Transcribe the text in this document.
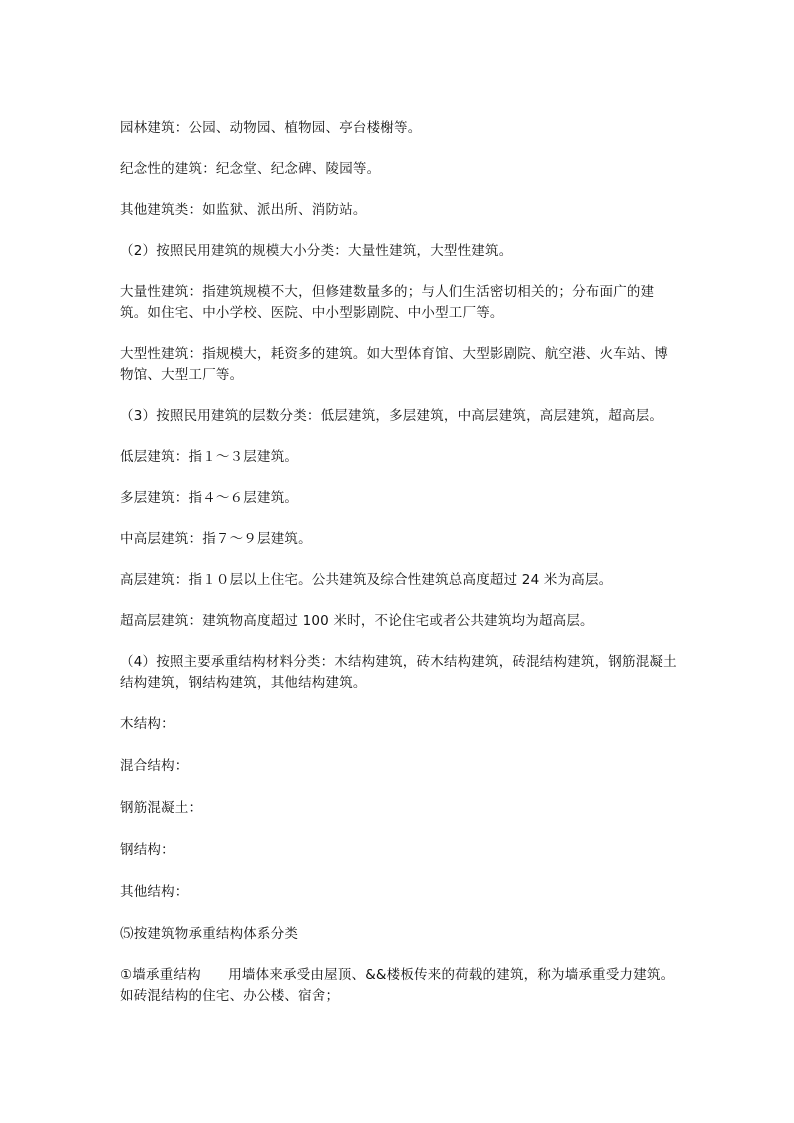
园林建筑：公园、动物园、植物园、亭台楼榭等。

纪念性的建筑：纪念堂、纪念碑、陵园等。

其他建筑类：如监狱、派出所、消防站。

（2）按照民用建筑的规模大小分类：大量性建筑，大型性建筑。

大量性建筑：指建筑规模不大，但修建数量多的；与人们生活密切相关的；分布面广的建筑。如住宅、中小学校、医院、中小型影剧院、中小型工厂等。

大型性建筑：指规模大，耗资多的建筑。如大型体育馆、大型影剧院、航空港、火车站、博物馆、大型工厂等。

（3）按照民用建筑的层数分类：低层建筑，多层建筑，中高层建筑，高层建筑，超高层。

低层建筑：指１～３层建筑。

多层建筑：指４～６层建筑。

中高层建筑：指７～９层建筑。

高层建筑：指１０层以上住宅。公共建筑及综合性建筑总高度超过 24 米为高层。

超高层建筑：建筑物高度超过 100 米时，不论住宅或者公共建筑均为超高层。

（4）按照主要承重结构材料分类：木结构建筑，砖木结构建筑，砖混结构建筑，钢筋混凝土结构建筑，钢结构建筑，其他结构建筑。

木结构：

混合结构：

钢筋混凝土：

钢结构：

其他结构：

⑸按建筑物承重结构体系分类

①墙承重结构　　用墙体来承受由屋顶、&&楼板传来的荷载的建筑，称为墙承重受力建筑。如砖混结构的住宅、办公楼、宿舍；
